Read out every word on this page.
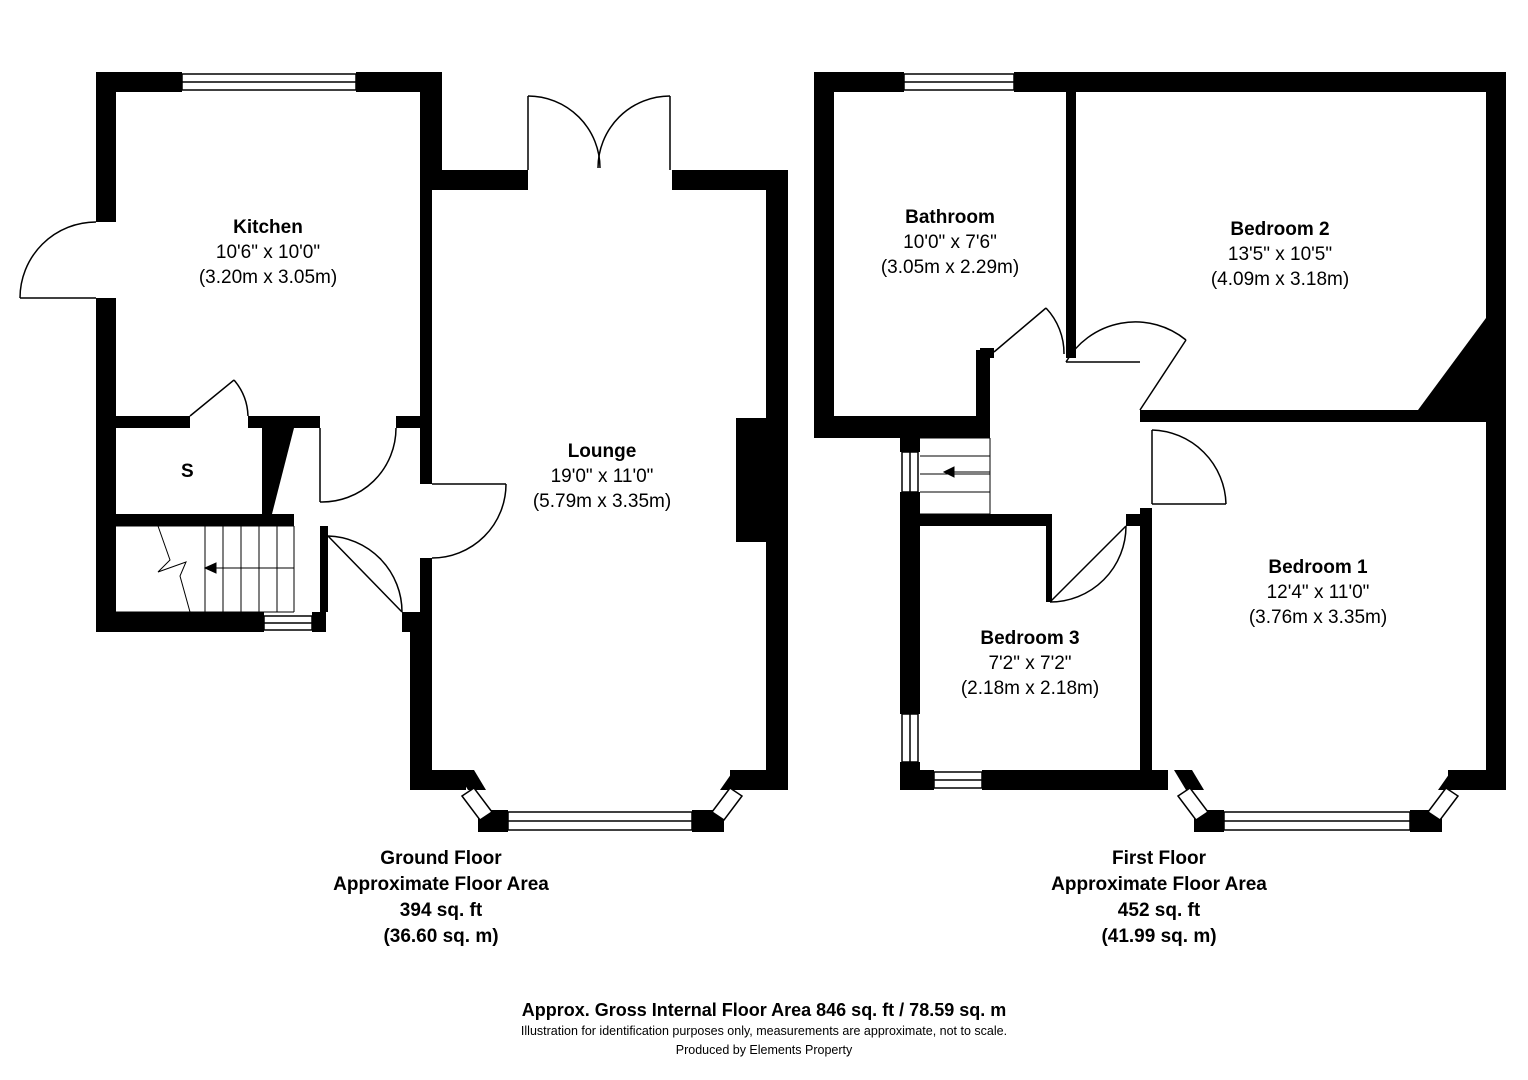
Kitchen
10'6" x 10'0"
(3.20m x 3.05m)
Lounge
19'0" x 11'0"
(5.79m x 3.35m)
Bathroom
10'0" x 7'6"
(3.05m x 2.29m)
Bedroom 2
13'5" x 10'5"
(4.09m x 3.18m)
Bedroom 1
12'4" x 11'0"
(3.76m x 3.35m)
Bedroom 3
7'2" x 7'2"
(2.18m x 2.18m)
S
Ground Floor
Approximate Floor Area
394 sq. ft
(36.60 sq. m)
First Floor
Approximate Floor Area
452 sq. ft
(41.99 sq. m)
Approx. Gross Internal Floor Area 846 sq. ft / 78.59 sq. m
Illustration for identification purposes only, measurements are approximate, not to scale.
Produced by Elements Property
